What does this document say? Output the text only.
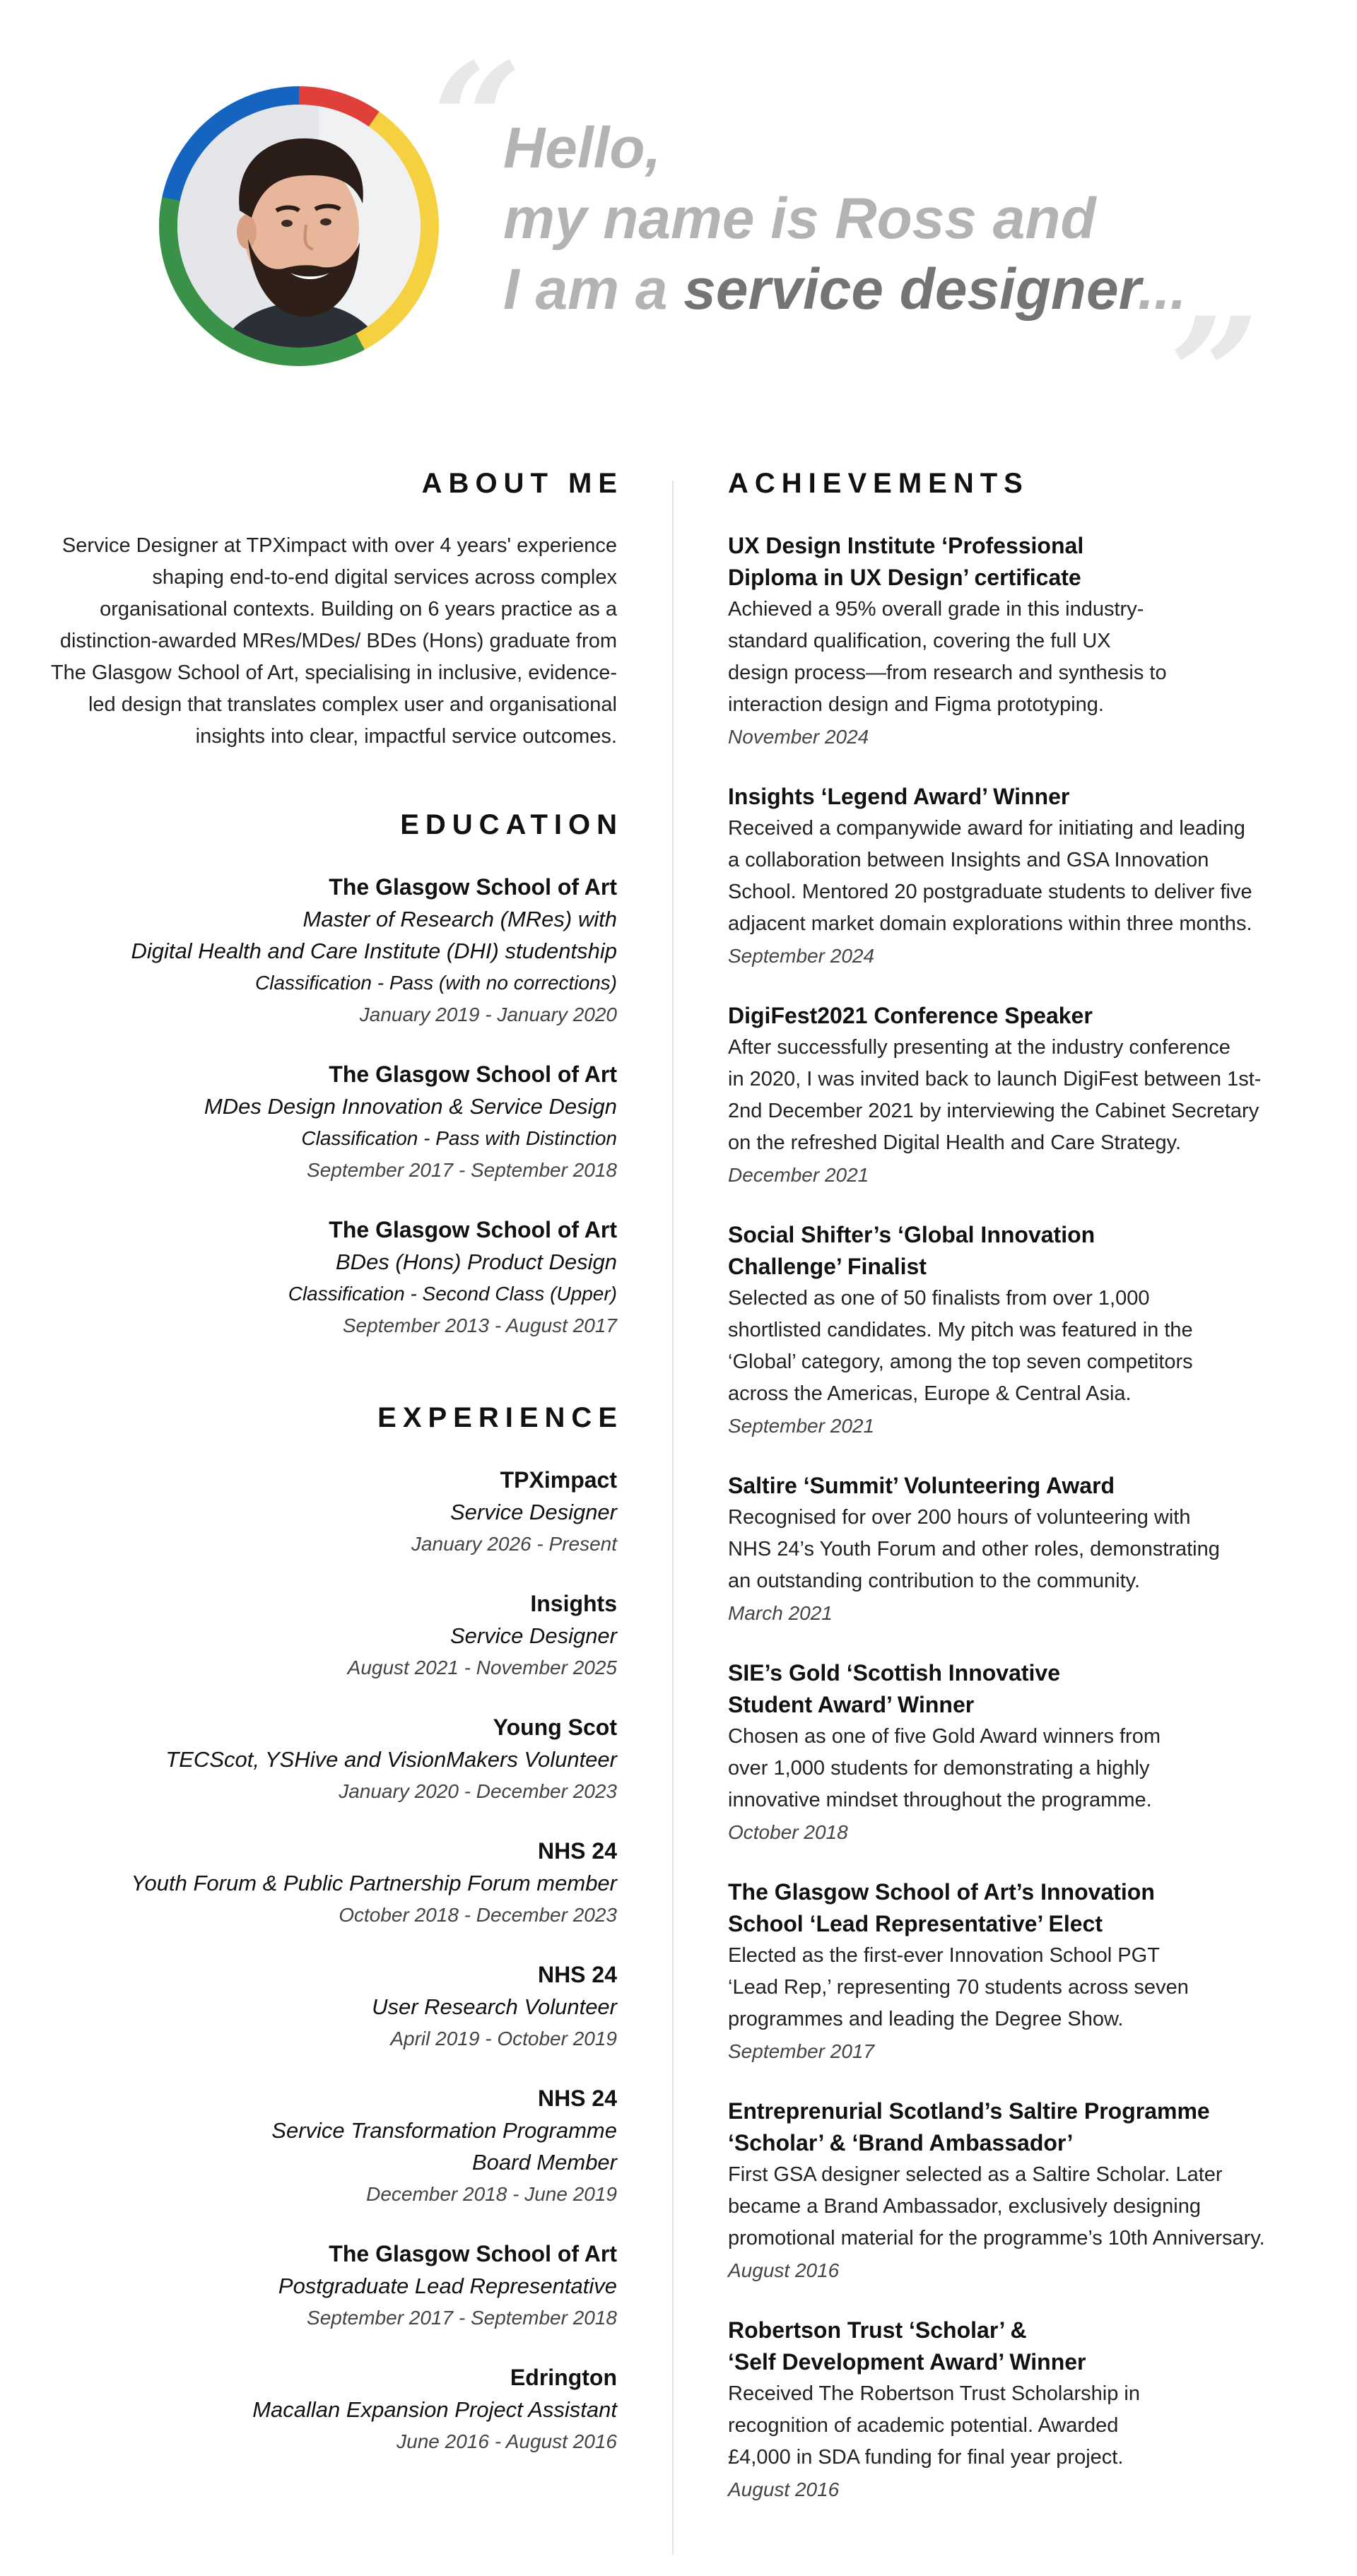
“
”
Hello,
my name is Ross and
I am a service designer...
ABOUT ME

Service Designer at TPXimpact with over 4 years' experience shaping end-to-end digital services across complex organisational contexts. Building on 6 years practice as a distinction-awarded MRes/MDes/ BDes (Hons) graduate from The Glasgow School of Art, specialising in inclusive, evidence-led design that translates complex user and organisational insights into clear, impactful service outcomes.

EDUCATION
The Glasgow School of Art
Master of Research (MRes) with
Digital Health and Care Institute (DHI) studentship
Classification - Pass (with no corrections)
January 2019 - January 2020
The Glasgow School of Art
MDes Design Innovation & Service Design
Classification - Pass with Distinction
September 2017 - September 2018
The Glasgow School of Art
BDes (Hons) Product Design
Classification - Second Class (Upper)
September 2013 - August 2017
EXPERIENCE
TPXimpact
Service Designer
January 2026 - Present
Insights
Service Designer
August 2021 - November 2025
Young Scot
TECScot, YSHive and VisionMakers Volunteer
January 2020 - December 2023
NHS 24
Youth Forum & Public Partnership Forum member
October 2018 - December 2023
NHS 24
User Research Volunteer
April 2019 - October 2019
NHS 24
Service Transformation Programme
Board Member
December 2018 - June 2019
The Glasgow School of Art
Postgraduate Lead Representative
September 2017 - September 2018
Edrington
Macallan Expansion Project Assistant
June 2016 - August 2016
ACHIEVEMENTS
UX Design Institute ‘Professional
Diploma in UX Design’ certificate
Achieved a 95% overall grade in this industry-
standard qualification, covering the full UX
design process—from research and synthesis to
interaction design and Figma prototyping.
November 2024
Insights ‘Legend Award’ Winner
Received a companywide award for initiating and leading
a collaboration between Insights and GSA Innovation
School. Mentored 20 postgraduate students to deliver five
adjacent market domain explorations within three months.
September 2024
DigiFest2021 Conference Speaker
After successfully presenting at the industry conference
in 2020, I was invited back to launch DigiFest between 1st-
2nd December 2021 by interviewing the Cabinet Secretary
on the refreshed Digital Health and Care Strategy.
December 2021
Social Shifter’s ‘Global Innovation
Challenge’ Finalist
Selected as one of 50 finalists from over 1,000
shortlisted candidates. My pitch was featured in the
‘Global’ category, among the top seven competitors
across the Americas, Europe & Central Asia.
September 2021
Saltire ‘Summit’ Volunteering Award
Recognised for over 200 hours of volunteering with
NHS 24’s Youth Forum and other roles, demonstrating
an outstanding contribution to the community.
March 2021
SIE’s Gold ‘Scottish Innovative
Student Award’ Winner
Chosen as one of five Gold Award winners from
over 1,000 students for demonstrating a highly
innovative mindset throughout the programme.
October 2018
The Glasgow School of Art’s Innovation
School ‘Lead Representative’ Elect
Elected as the first-ever Innovation School PGT
‘Lead Rep,’ representing 70 students across seven
programmes and leading the Degree Show.
September 2017
Entreprenurial Scotland’s Saltire Programme
‘Scholar’ & ‘Brand Ambassador’
First GSA designer selected as a Saltire Scholar. Later
became a Brand Ambassador, exclusively designing
promotional material for the programme’s 10th Anniversary.
August 2016
Robertson Trust ‘Scholar’ &
‘Self Development Award’ Winner
Received The Robertson Trust Scholarship in
recognition of academic potential. Awarded
£4,000 in SDA funding for final year project.
August 2016
